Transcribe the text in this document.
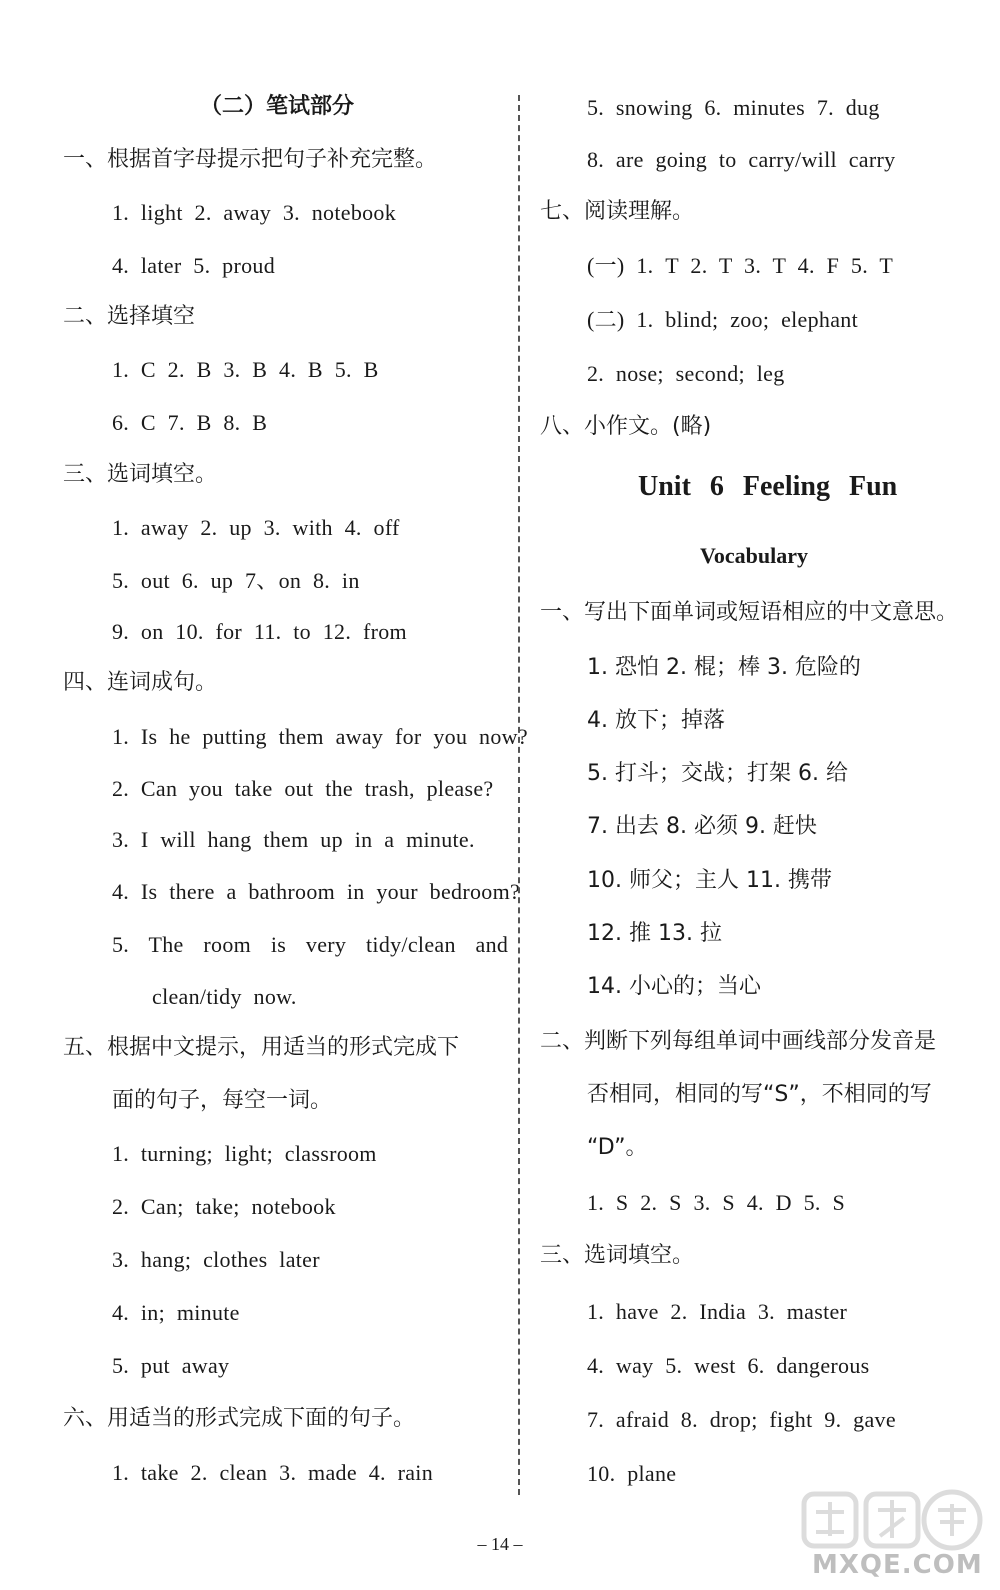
（二）笔试部分
一、根据首字母提示把句子补充完整。
1. light 2. away 3. notebook
4. later 5. proud
二、选择填空
1. C 2. B 3. B 4. B 5. B
6. C 7. B 8. B
三、选词填空。
1. away 2. up 3. with 4. off
5. out 6. up 7、on 8. in
9. on 10. for 11. to 12. from
四、连词成句。
1. Is he putting them away for you now?
2. Can you take out the trash, please?
3. I will hang them up in a minute.
4. Is there a bathroom in your bedroom?
5. The room is very tidy/clean and
clean/tidy now.
五、根据中文提示，用适当的形式完成下
面的句子，每空一词。
1. turning; light; classroom
2. Can; take; notebook
3. hang; clothes later
4. in; minute
5. put away
六、用适当的形式完成下面的句子。
1. take 2. clean 3. made 4. rain
5. snowing 6. minutes 7. dug
8. are going to carry/will carry
七、阅读理解。
(一) 1. T 2. T 3. T 4. F 5. T
(二) 1. blind; zoo; elephant
2. nose; second; leg
八、小作文。(略)
Unit 6 Feeling Fun
Vocabulary
一、写出下面单词或短语相应的中文意思。
1. 恐怕 2. 棍；棒 3. 危险的
4. 放下；掉落
5. 打斗；交战；打架 6. 给
7. 出去 8. 必须 9. 赶快
10. 师父；主人 11. 携带
12. 推 13. 拉
14. 小心的；当心
二、判断下列每组单词中画线部分发音是
否相同，相同的写“S”，不相同的写
“D”。
1. S 2. S 3. S 4. D 5. S
三、选词填空。
1. have 2. India 3. master
4. way 5. west 6. dangerous
7. afraid 8. drop; fight 9. gave
10. plane
– 14 –
MXQE.COM
